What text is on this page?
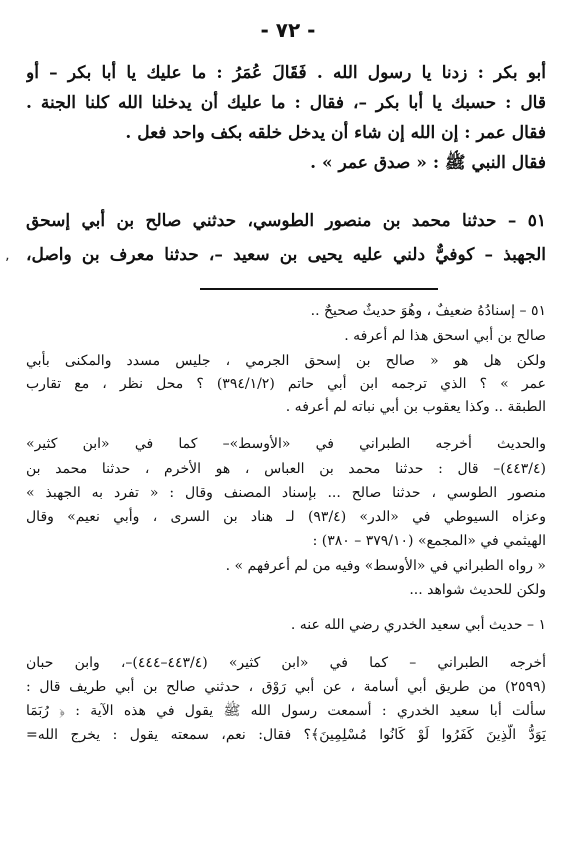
- ٧٢ -
أبو بكر : زدنا يا رسول الله . فَقَالَ عُمَرُ : ما عليك يا أبا بكر – أو
قال : حسبك يا أبا بكر –، فقال : ما عليك أن يدخلنا الله كلنا الجنة .
فقال عمر : إن الله إن شاء أن يدخل خلقه بكف واحد فعل .
فقال النبي ﷺ : « صدق عمر » .
٥١ – حدثنا محمد بن منصور الطوسي، حدثني صالح بن أبي إسحق
الجهبذ – كوفيٌّ دلني عليه يحيى بن سعيد –، حدثنا معرف بن واصل،
٬
٥١ – إسنادُهُ ضعيفٌ ، وهُوَ حديثٌ صحيحٌ ..
صالح بن أبي اسحق هذا لم أعرفه .
ولكن هل هو « صالح بن إسحق الجرمي ، جليس مسدد والمكنى بأبي
عمر » ؟ الذي ترجمه ابن أبي حاتم (٣٩٤/١/٢) ؟ محل نظر ، مع تقارب
الطبقة .. وكذا يعقوب بن أبي نباته لم أعرفه .
والحديث أخرجه الطبراني في «الأوسط»– كما في «ابن كثير»
(٤٤٣/٤)– قال : حدثنا محمد بن العباس ، هو الأخرم ، حدثنا محمد بن
منصور الطوسي ، حدثنا صالح ... بإسناد المصنف وقال : « تفرد به الجهبذ »
وعزاه السيوطي في «الدر» (٩٣/٤) لـ هناد بن السرى ، وأبي نعيم» وقال
الهيثمي في «المجمع» (٣٧٩/١٠ – ٣٨٠) :
« رواه الطبراني في «الأوسط» وفيه من لم أعرفهم » .
ولكن للحديث شواهد ...
١ – حديث أبي سعيد الخدري رضي الله عنه .
أخرجه الطبراني – كما في «ابن كثير» (٤٤٣/٤–٤٤٤)–، وابن حبان
(٢٥٩٩) من طريق أبي أسامة ، عن أبي رَوْق ، حدثني صالح بن أبي طريف قال :
سألت أبا سعيد الخدري : أسمعت رسول الله ﷺ يقول في هذه الآية : ﴿ رُبَمَا
يَوَدُّ الَّذِينَ كَفَرُوا لَوْ كَانُوا مُسْلِمِينَ﴾؟ فقال: نعم، سمعته يقول : يخرج الله=
